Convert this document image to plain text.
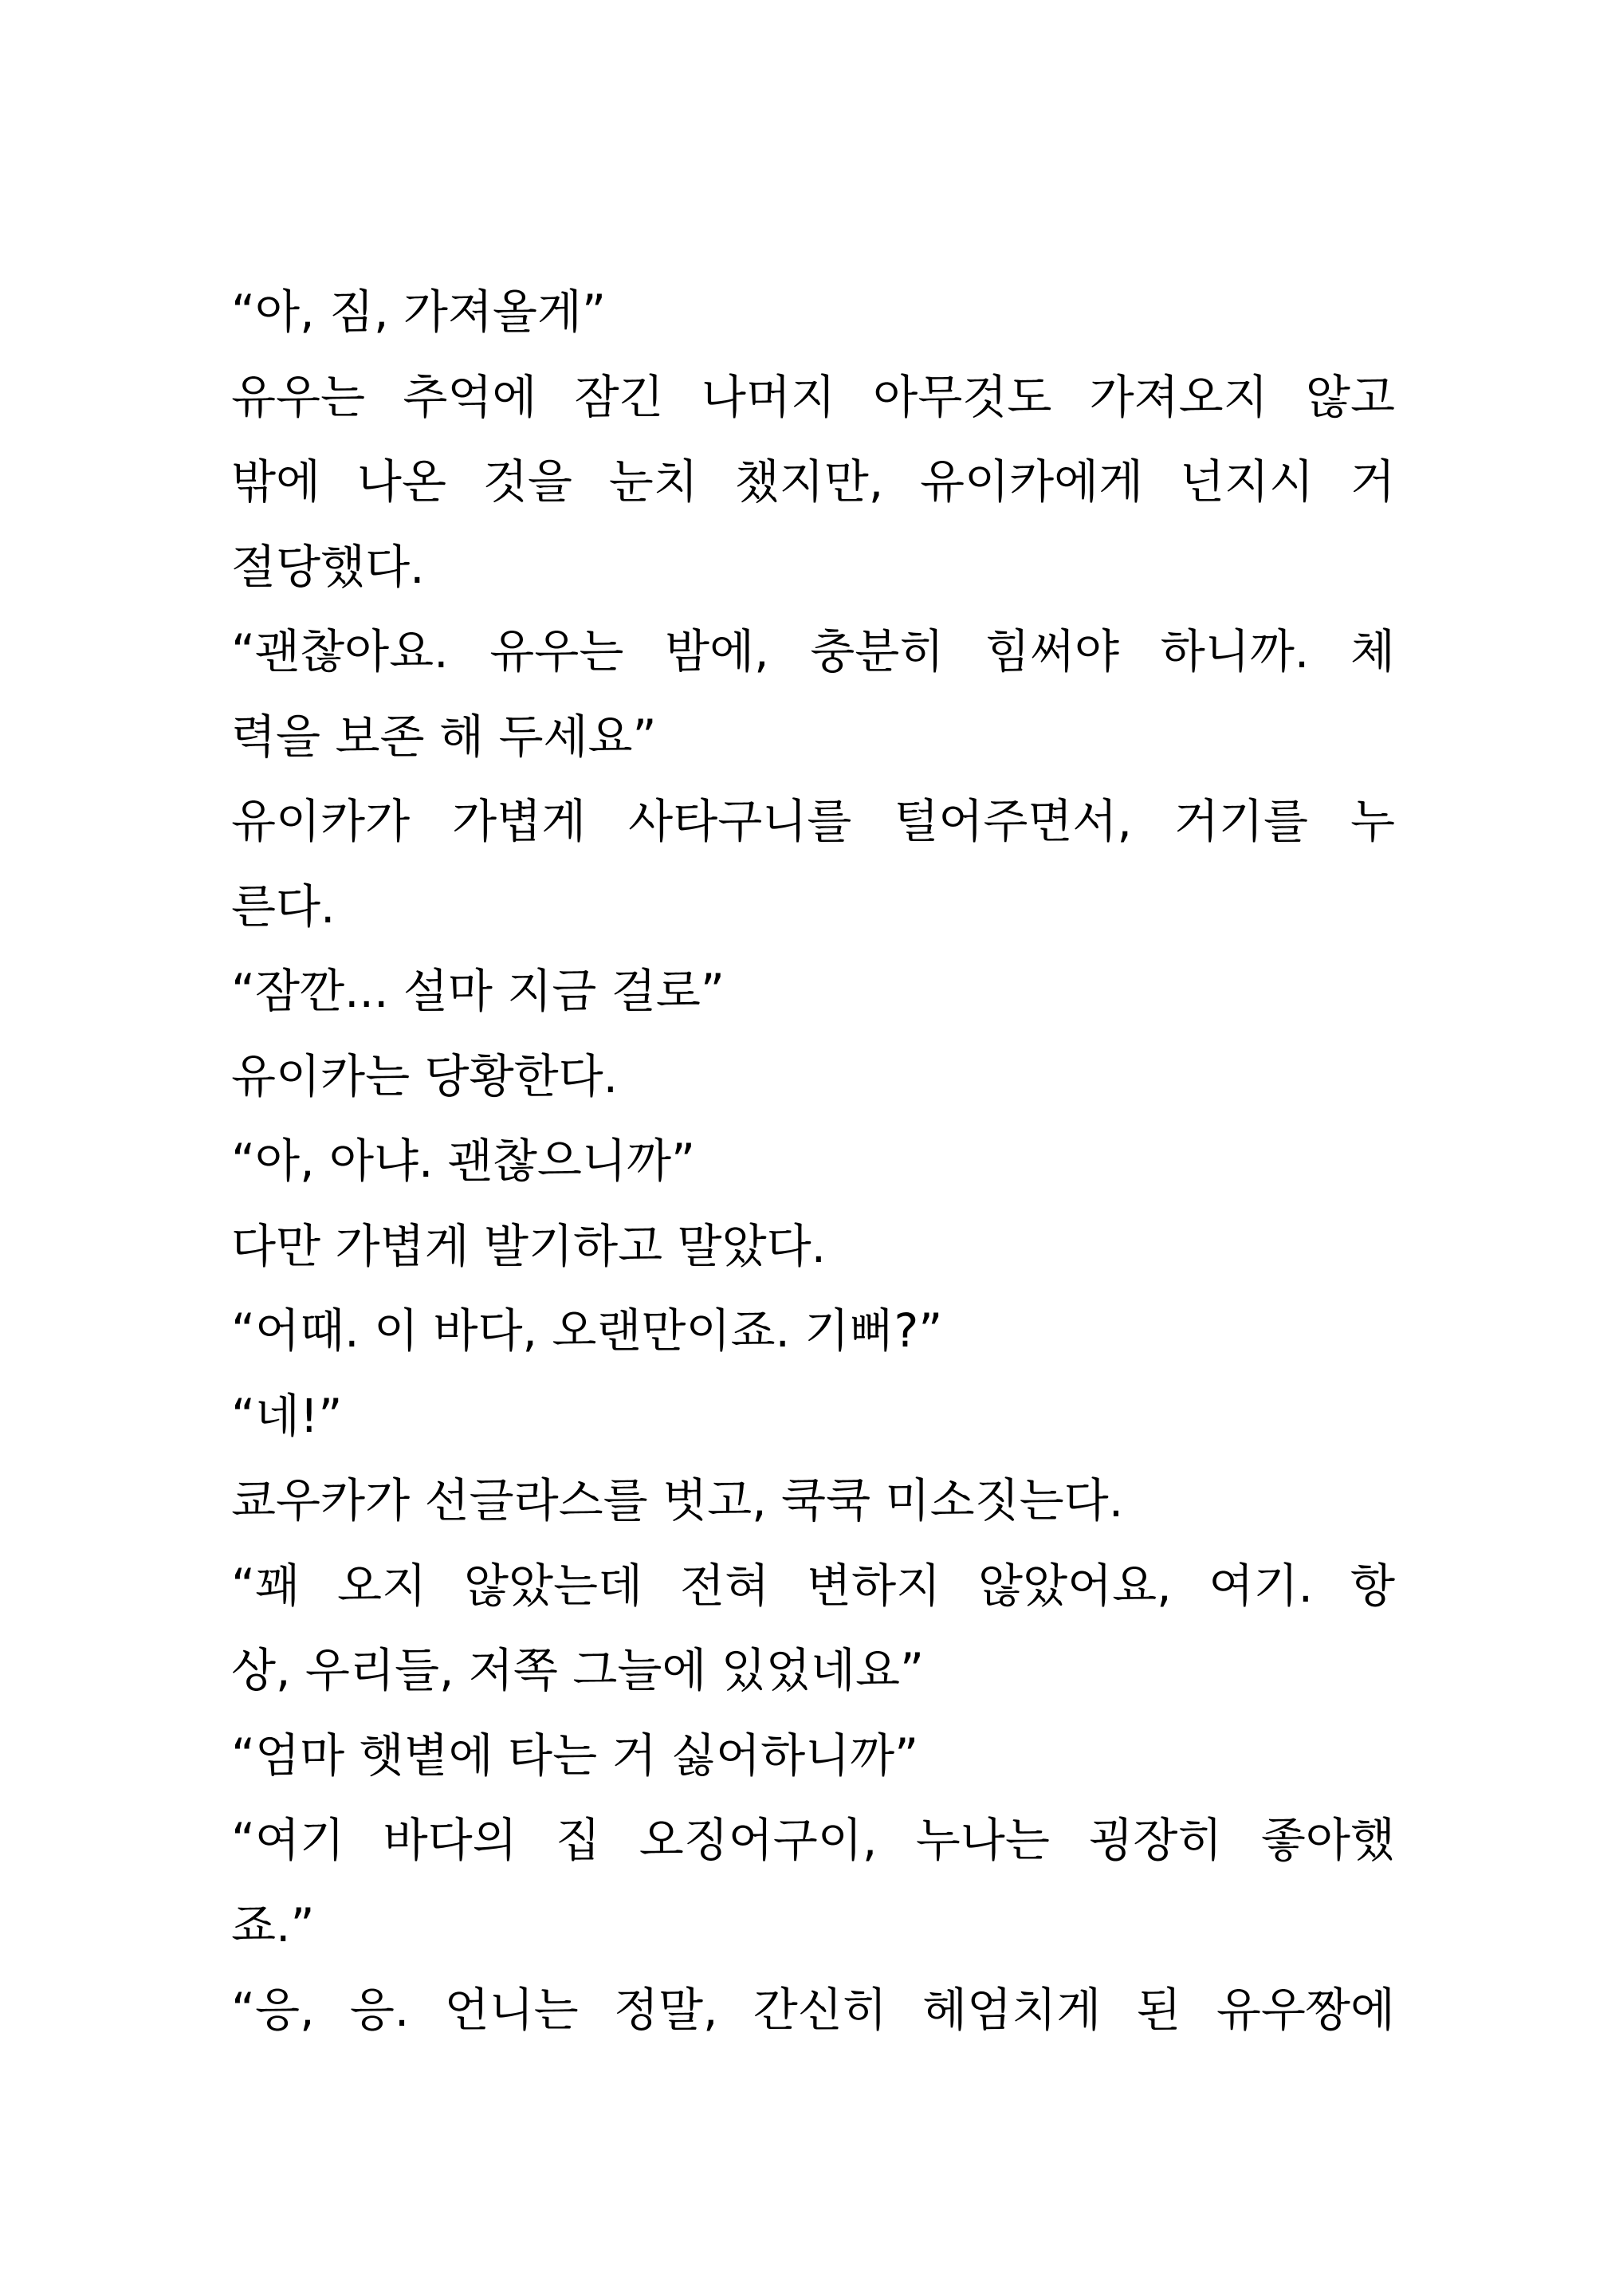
“아, 짐, 가져올게”
유우는 추억에 잠긴 나머지 아무것도 가져오지 않고
밖에 나온 것을 눈치 챘지만, 유이카에게 넌지시 거
절당했다.
“괜찮아요. 유우는 밤에, 충분히 힘써야 하니까. 체
력을 보존 해 두세요”
유이카가 가볍게 사타구니를 털어주면서, 거기를 누
른다.
“잠깐... 설마 지금 걸로”
유이카는 당황한다.
“아, 아냐. 괜찮으니까”
다만 가볍게 발기하고 말았다.
“어때. 이 바다, 오랜만이죠. 기뻐?”
“네!”
쿄우카가 선글라스를 벗고, 쿡쿡 미소짓는다.
“꽤 오지 않았는데 전혀 변하지 않았어요, 여기. 항
상, 우리들, 저쪽 그늘에 있었네요”
“엄마 햇볕에 타는 거 싫어하니까”
“여기 바다의 집 오징어구이, 누나는 굉장히 좋아했
죠.”
“응, 응. 언니는 정말, 간신히 헤엄치게 된 유우짱에
